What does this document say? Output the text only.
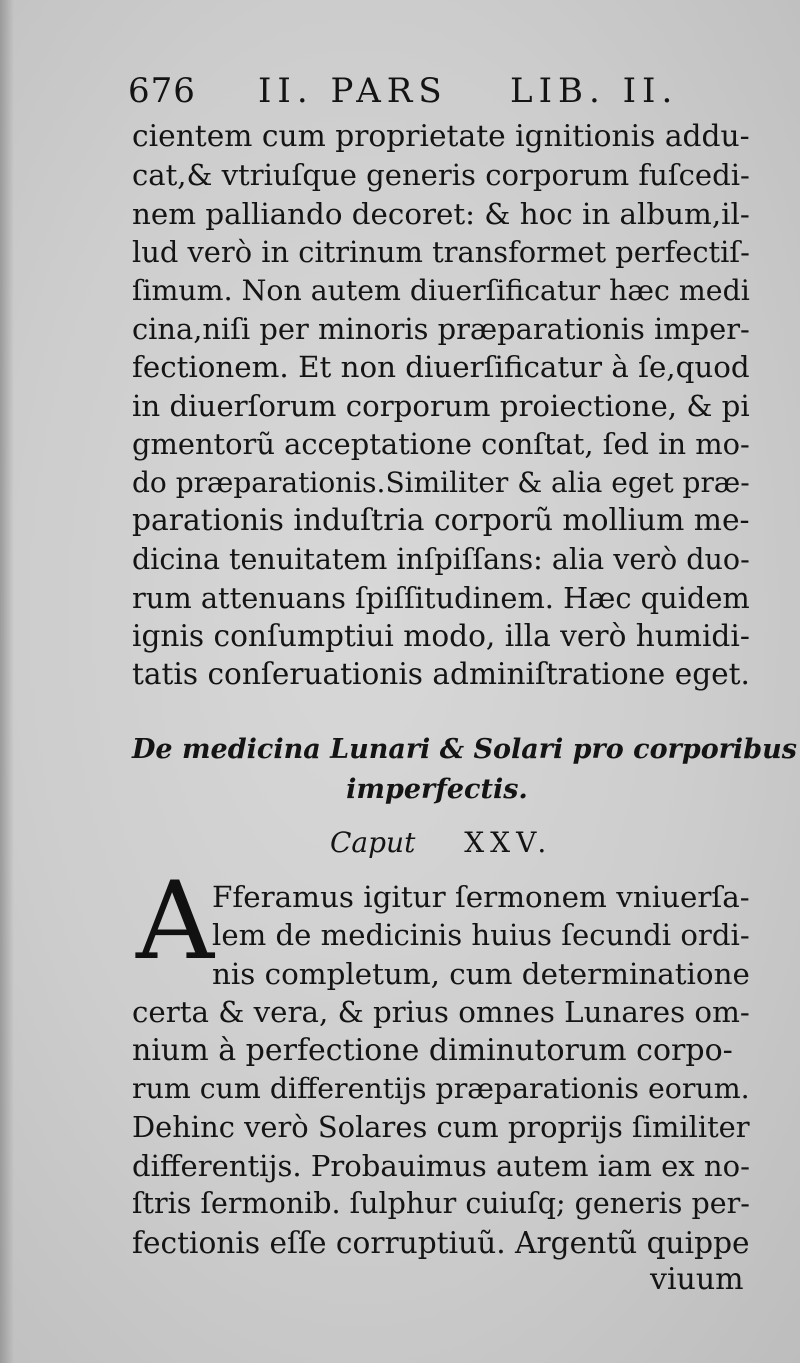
676 II. PARS LIB. II.
cientem cum proprietate ignitionis addu-
cat,& vtriuſque generis corporum fuſcedi-
nem palliando decoret: & hoc in album,il-
lud verò in citrinum transformet perfectiſ-
ſimum. Non autem diuerſificatur hæc medi
cina,niſi per minoris præparationis imper-
fectionem. Et non diuerſificatur à ſe,quod
in diuerſorum corporum proiectione, & pi
gmentorũ acceptatione conſtat, ſed in mo-
do præparationis.Similiter & alia eget præ-
parationis induſtria corporũ mollium me-
dicina tenuitatem inſpiſſans: alia verò duo-
rum attenuans ſpiſſitudinem. Hæc quidem
ignis conſumptiui modo, illa verò humidi-
tatis conſeruationis adminiſtratione eget.
De medicina Lunari & Solari pro corporibus
imperfectis.
Caput XXV.
A
Fferamus igitur ſermonem vniuerſa-
lem de medicinis huius ſecundi ordi-
nis completum, cum determinatione
certa & vera, & prius omnes Lunares om-
nium à perfectione diminutorum corpo-
rum cum differentijs præparationis eorum.
Dehinc verò Solares cum proprijs ſimiliter
differentijs. Probauimus autem iam ex no-
ſtris ſermonib. ſulphur cuiuſq; generis per-
fectionis eſſe corruptiuũ. Argentũ quippe
viuum
